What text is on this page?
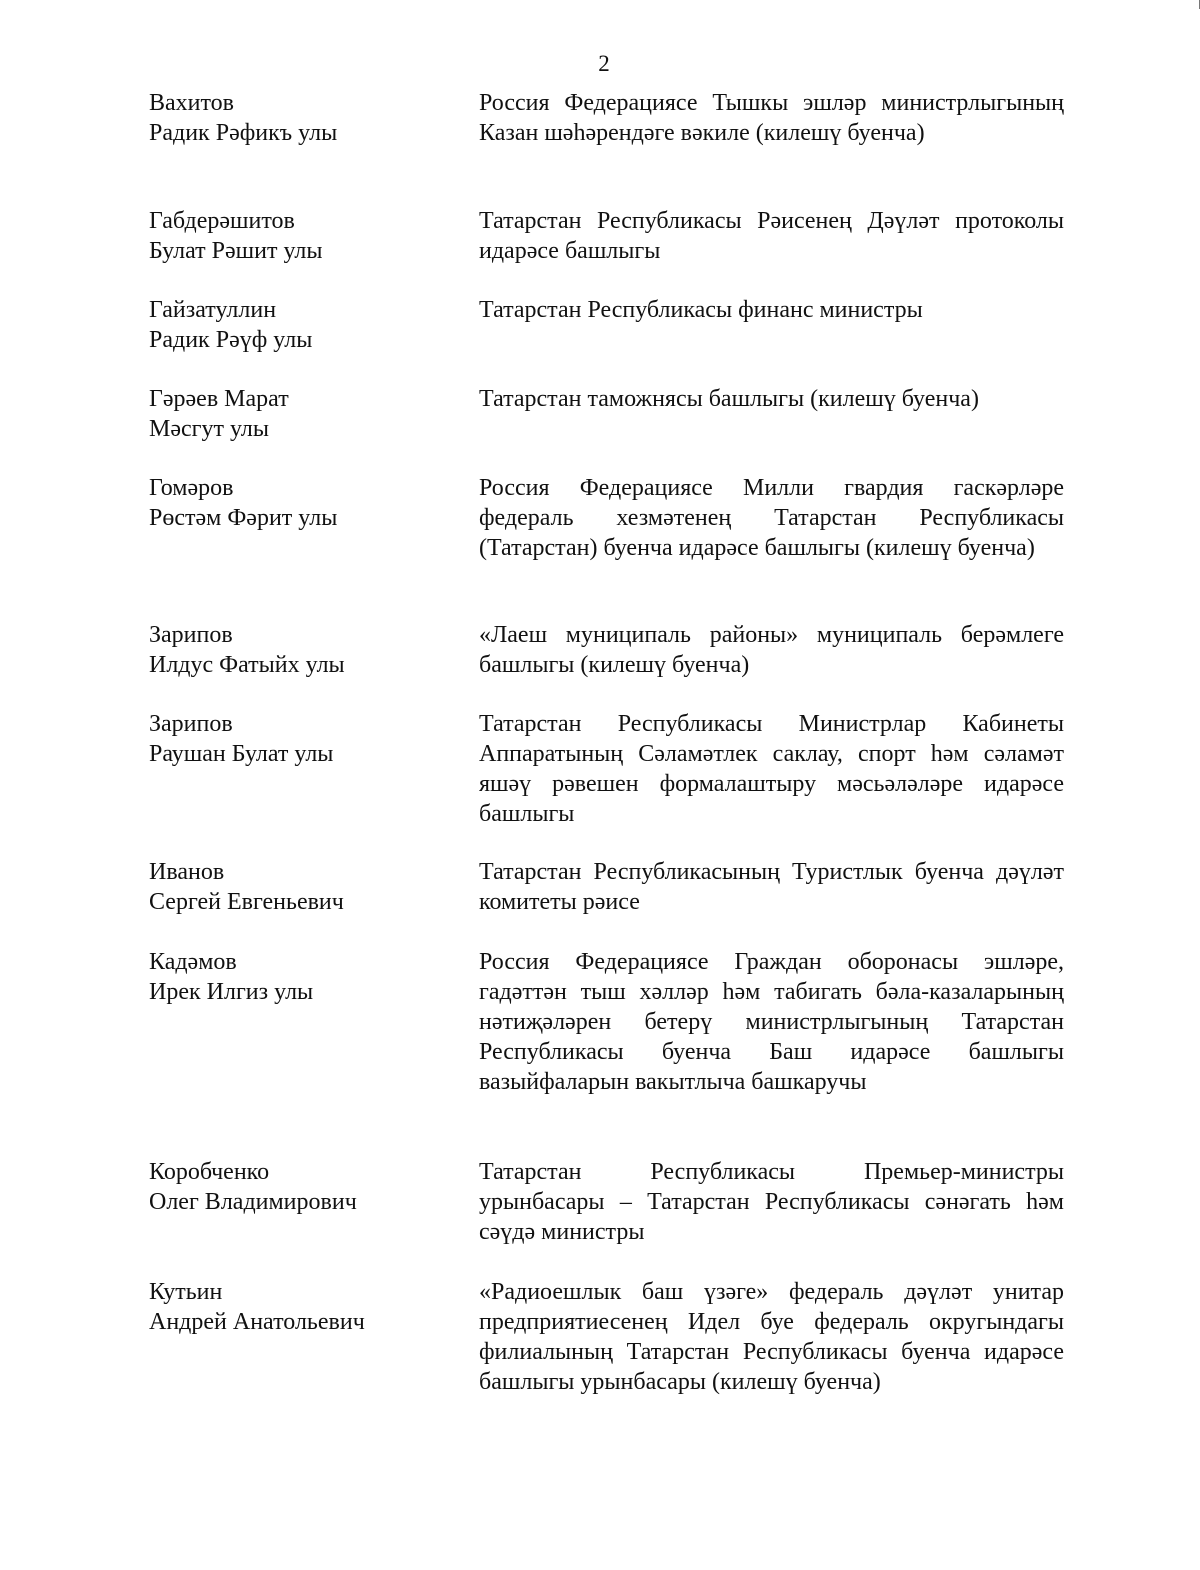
2
Вахитов
Радик Рәфикъ улы
Россия Федерациясе Тышкы эшләр министрлыгының Казан шәһәрендәге вәкиле (килешү буенча)
Габдерәшитов
Булат Рәшит улы
Татарстан Республикасы Рәисенең Дәүләт протоколы идарәсе башлыгы
Гайзатуллин
Радик Рәүф улы
Татарстан Республикасы финанс министры
Гәрәев Марат
Мәсгут улы
Татарстан таможнясы башлыгы (килешү буенча)
Гомәров
Рөстәм Фәрит улы
Россия Федерациясе Милли гвардия гаскәрләре федераль хезмәтенең Татарстан Республикасы (Татарстан) буенча идарәсе башлыгы (килешү буенча)
Зарипов
Илдус Фатыйх улы
«Лаеш муниципаль районы» муниципаль берәмлеге башлыгы (килешү буенча)
Зарипов
Раушан Булат улы
Татарстан Республикасы Министрлар Кабинеты Аппаратының Сәламәтлек саклау, спорт һәм сәламәт яшәү рәвешен формалаштыру мәсьәләләре идарәсе башлыгы
Иванов
Сергей Евгеньевич
Татарстан Республикасының Туристлык буенча дәүләт комитеты рәисе
Кадәмов
Ирек Илгиз улы
Россия Федерациясе Граждан оборонасы эшләре, гадәттән тыш хәлләр һәм табигать бәла-казаларының нәтиҗәләрен бетерү министрлыгының Татарстан Республикасы буенча Баш идарәсе башлыгы вазыйфаларын вакытлыча башкаручы
Коробченко
Олег Владимирович
Татарстан Республикасы Премьер-министры урынбасары – Татарстан Республикасы сәнәгать һәм сәүдә министры
Кутьин
Андрей Анатольевич
«Радиоешлык баш үзәге» федераль дәүләт унитар предприятиесенең Идел буе федераль округындагы филиалының Татарстан Республикасы буенча идарәсе башлыгы урынбасары (килешү буенча)
